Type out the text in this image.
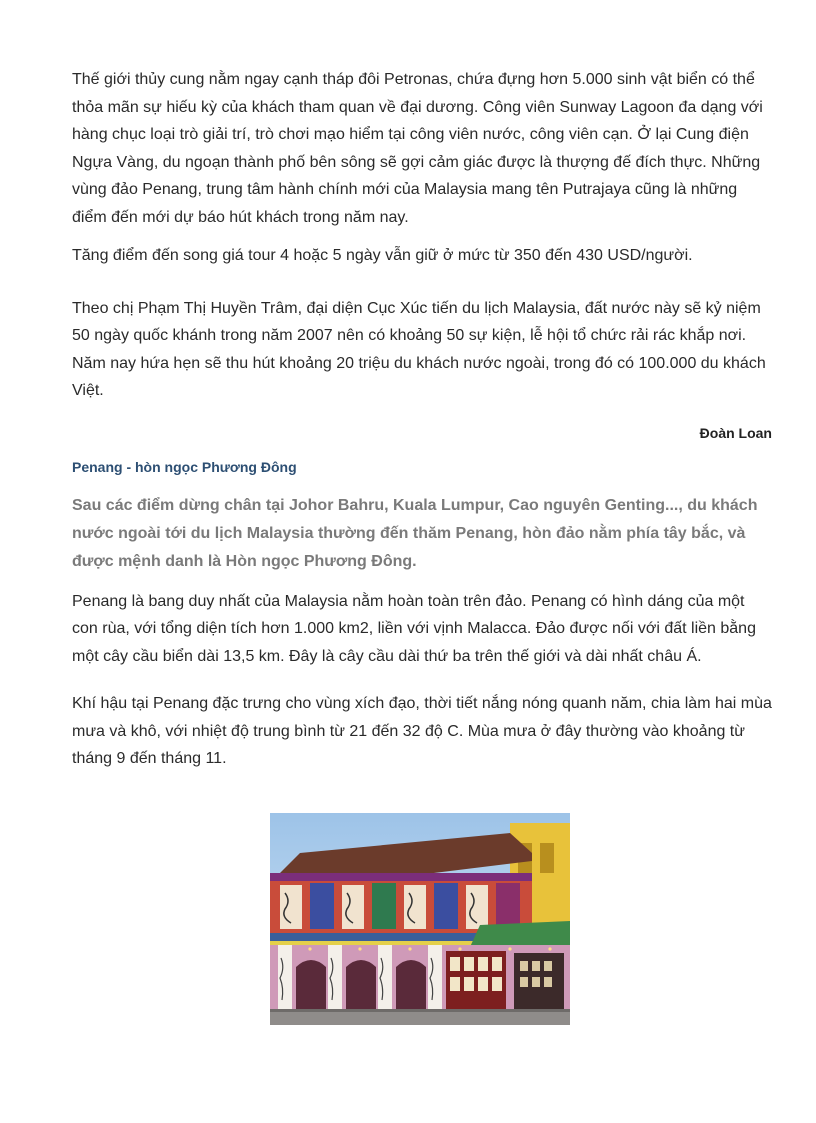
Thế giới thủy cung nằm ngay cạnh tháp đôi Petronas, chứa đựng hơn 5.000 sinh vật biển có thể thỏa mãn sự hiếu kỳ của khách tham quan về đại dương. Công viên Sunway Lagoon đa dạng với hàng chục loại trò giải trí, trò chơi mạo hiểm tại công viên nước, công viên cạn. Ở lại Cung điện Ngựa Vàng, du ngoạn thành phố bên sông sẽ gợi cảm giác được là thượng đế đích thực. Những vùng đảo Penang, trung tâm hành chính mới của Malaysia mang tên Putrajaya cũng là những điểm đến mới dự báo hút khách trong năm nay.

Tăng điểm đến song giá tour 4 hoặc 5 ngày vẫn giữ ở mức từ 350 đến 430 USD/người.

Theo chị Phạm Thị Huyền Trâm, đại diện Cục Xúc tiến du lịch Malaysia, đất nước này sẽ kỷ niệm 50 ngày quốc khánh trong năm 2007 nên có khoảng 50 sự kiện, lễ hội tổ chức rải rác khắp nơi. Năm nay hứa hẹn sẽ thu hút khoảng 20 triệu du khách nước ngoài, trong đó có 100.000 du khách Việt.

Đoàn Loan

Penang - hòn ngọc Phương Đông

Sau các điểm dừng chân tại Johor Bahru, Kuala Lumpur, Cao nguyên Genting..., du khách nước ngoài tới du lịch Malaysia thường đến thăm Penang, hòn đảo nằm phía tây bắc, và được mệnh danh là Hòn ngọc Phương Đông.

Penang là bang duy nhất của Malaysia nằm hoàn toàn trên đảo. Penang có hình dáng của một con rùa, với tổng diện tích hơn 1.000 km2, liền với vịnh Malacca. Đảo được nối với đất liền bằng một cây cầu biển dài 13,5 km. Đây là cây cầu dài thứ ba trên thế giới và dài nhất châu Á.

Khí hậu tại Penang đặc trưng cho vùng xích đạo, thời tiết nắng nóng quanh năm, chia làm hai mùa mưa và khô, với nhiệt độ trung bình từ 21 đến 32 độ C. Mùa mưa ở đây thường vào khoảng từ tháng 9 đến tháng 11.
